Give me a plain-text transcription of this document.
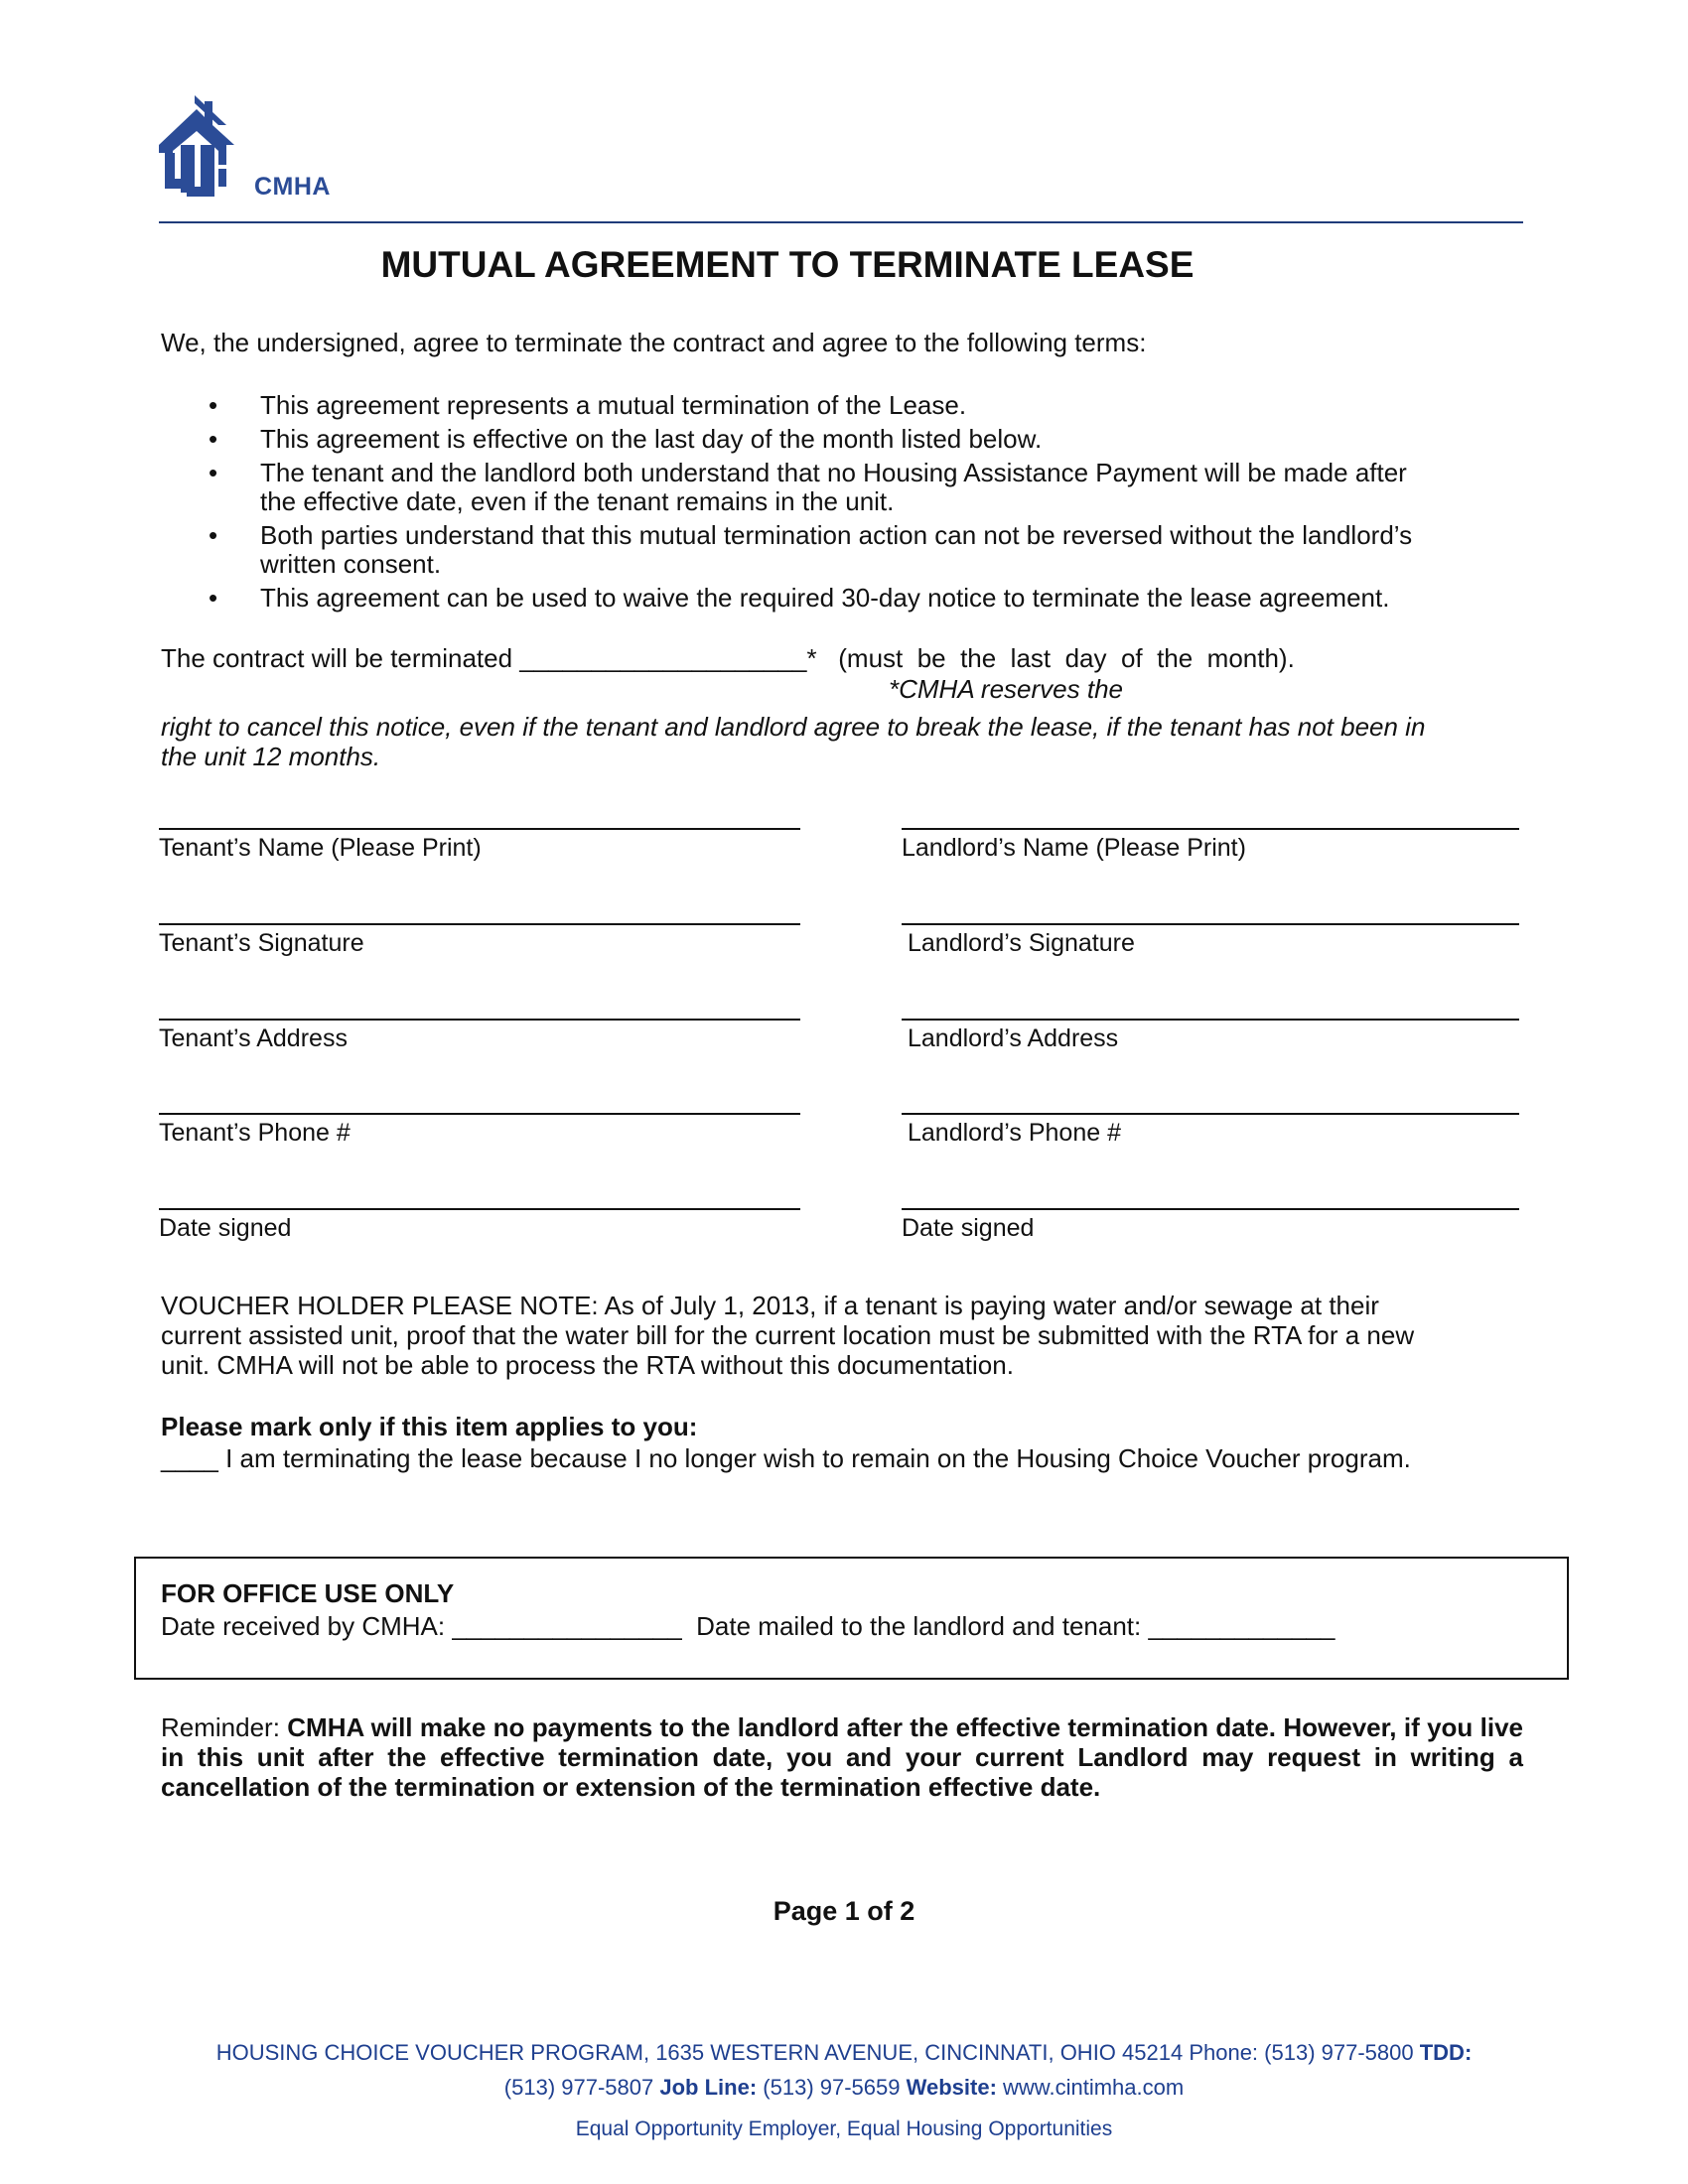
CMHA
MUTUAL AGREEMENT TO TERMINATE LEASE
We, the undersigned, agree to terminate the contract and agree to the following terms:
• This agreement represents a mutual termination of the Lease.
• This agreement is effective on the last day of the month listed below.
• The tenant and the landlord both understand that no Housing Assistance Payment will be made after
the effective date, even if the tenant remains in the unit.
• Both parties understand that this mutual termination action can not be reversed without the landlord’s
written consent.
• This agreement can be used to waive the required 30-day notice to terminate the lease agreement.
The contract will be terminated ____________________*   (must  be  the  last  day  of  the  month).
*CMHA reserves the
right to cancel this notice, even if the tenant and landlord agree to break the lease, if the tenant has not been in
the unit 12 months.
Tenant’s Name (Please Print)
Tenant’s Signature
Tenant’s Address
Tenant’s Phone #
Date signed
Landlord’s Name (Please Print)
Landlord’s Signature
Landlord’s Address
Landlord’s Phone #
Date signed
VOUCHER HOLDER PLEASE NOTE: As of July 1, 2013, if a tenant is paying water and/or sewage at their
current assisted unit, proof that the water bill for the current location must be submitted with the RTA for a new
unit. CMHA will not be able to process the RTA without this documentation.
Please mark only if this item applies to you:
____ I am terminating the lease because I no longer wish to remain on the Housing Choice Voucher program.
FOR OFFICE USE ONLY
Date received by CMHA: ________________ Date mailed to the landlord and tenant: _____________
Reminder: CMHA will make no payments to the landlord after the effective termination date. However, if you live in this unit after the effective termination date, you and your current Landlord may request in writing a cancellation of the termination or extension of the termination effective date.
Page 1 of 2
HOUSING CHOICE VOUCHER PROGRAM, 1635 WESTERN AVENUE, CINCINNATI, OHIO 45214 Phone: (513) 977-5800 TDD:
(513) 977-5807 Job Line: (513) 97-5659 Website: www.cintimha.com
Equal Opportunity Employer, Equal Housing Opportunities
